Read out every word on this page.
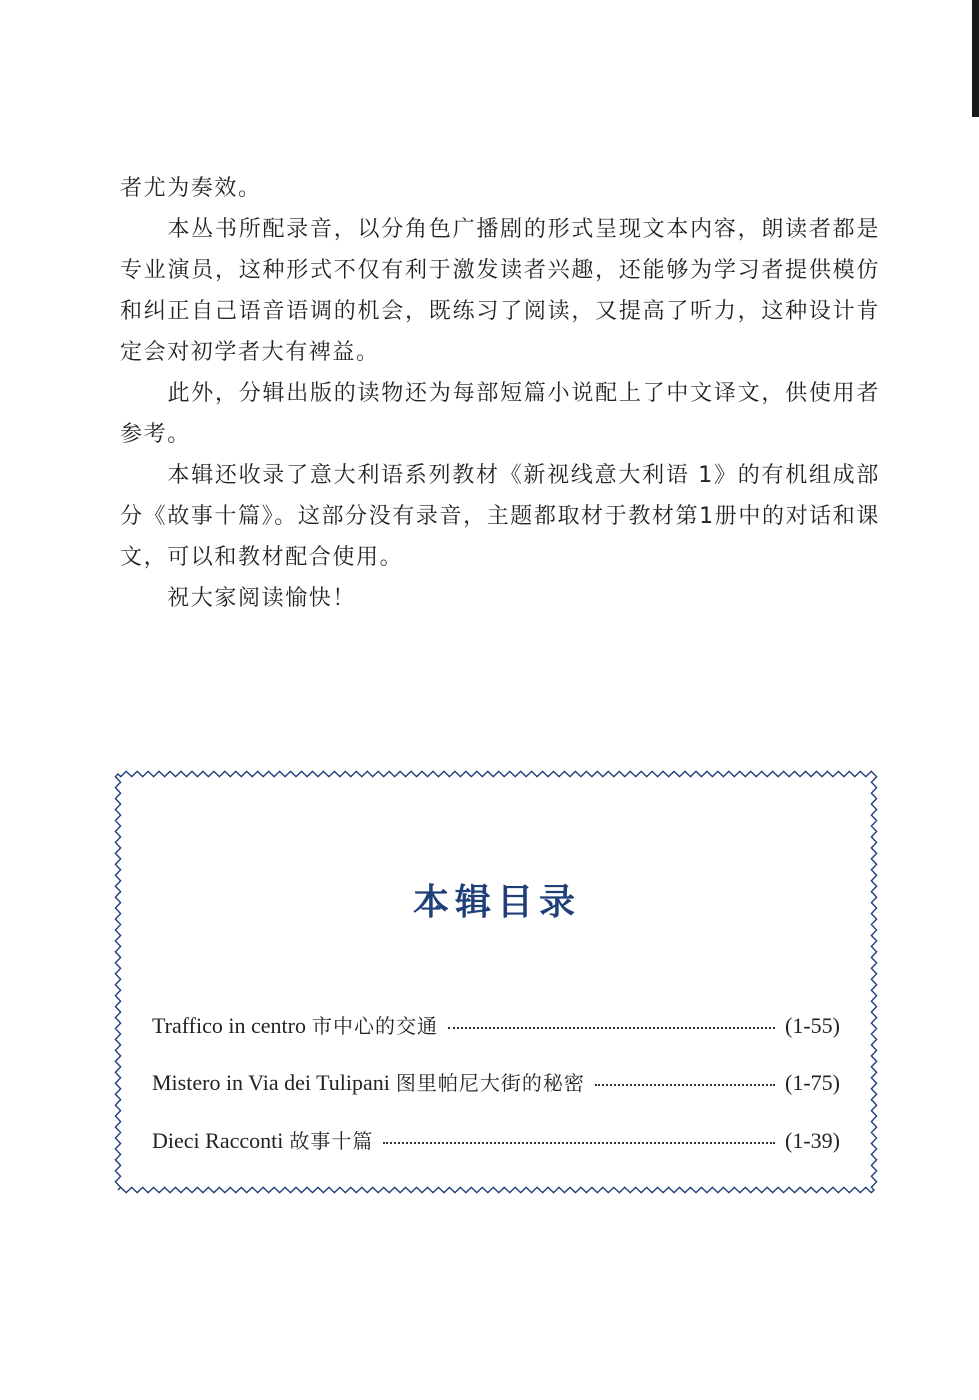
者尤为奏效。

　　本丛书所配录音，以分角色广播剧的形式呈现文本内容，朗读者都是专业演员，这种形式不仅有利于激发读者兴趣，还能够为学习者提供模仿和纠正自己语音语调的机会，既练习了阅读，又提高了听力，这种设计肯定会对初学者大有裨益。

　　此外，分辑出版的读物还为每部短篇小说配上了中文译文，供使用者参考。

　　本辑还收录了意大利语系列教材《新视线意大利语 1》的有机组成部分《故事十篇》。这部分没有录音，主题都取材于教材第1册中的对话和课文，可以和教材配合使用。

　　祝大家阅读愉快！

本辑目录
Traffico in centro 市中心的交通	(1-55)
Mistero in Via dei Tulipani 图里帕尼大街的秘密	(1-75)
Dieci Racconti 故事十篇	(1-39)
